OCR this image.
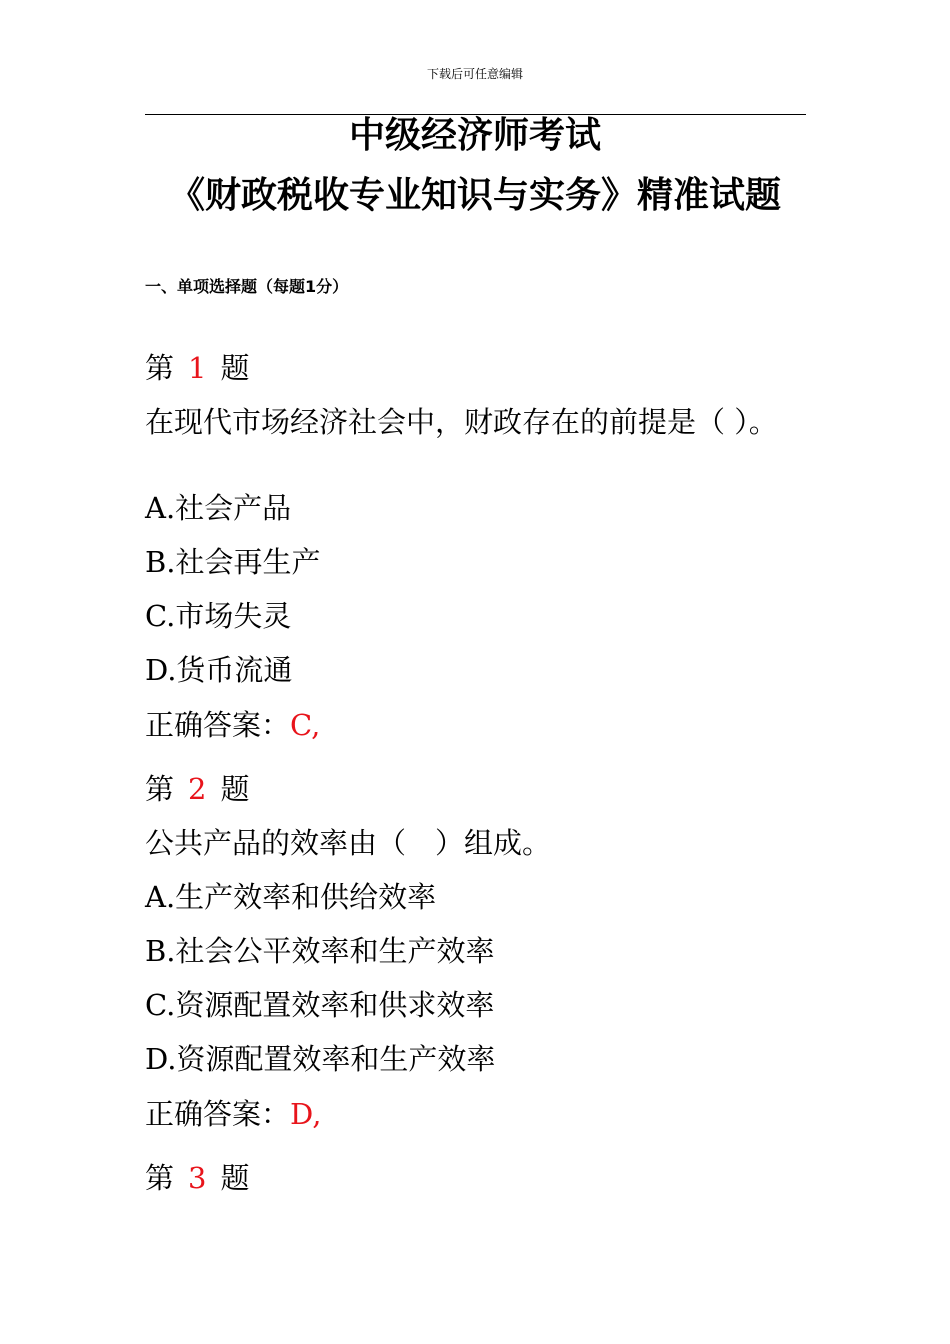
下载后可任意编辑
中级经济师考试
《财政税收专业知识与实务》精准试题
一、单项选择题（每题1分）
第 1 题
在现代市场经济社会中，财政存在的前提是（ ）。
A.社会产品
B.社会再生产
C.市场失灵
D.货币流通
正确答案：C,
第 2 题
公共产品的效率由（　）组成。
A.生产效率和供给效率
B.社会公平效率和生产效率
C.资源配置效率和供求效率
D.资源配置效率和生产效率
正确答案：D,
第 3 题
